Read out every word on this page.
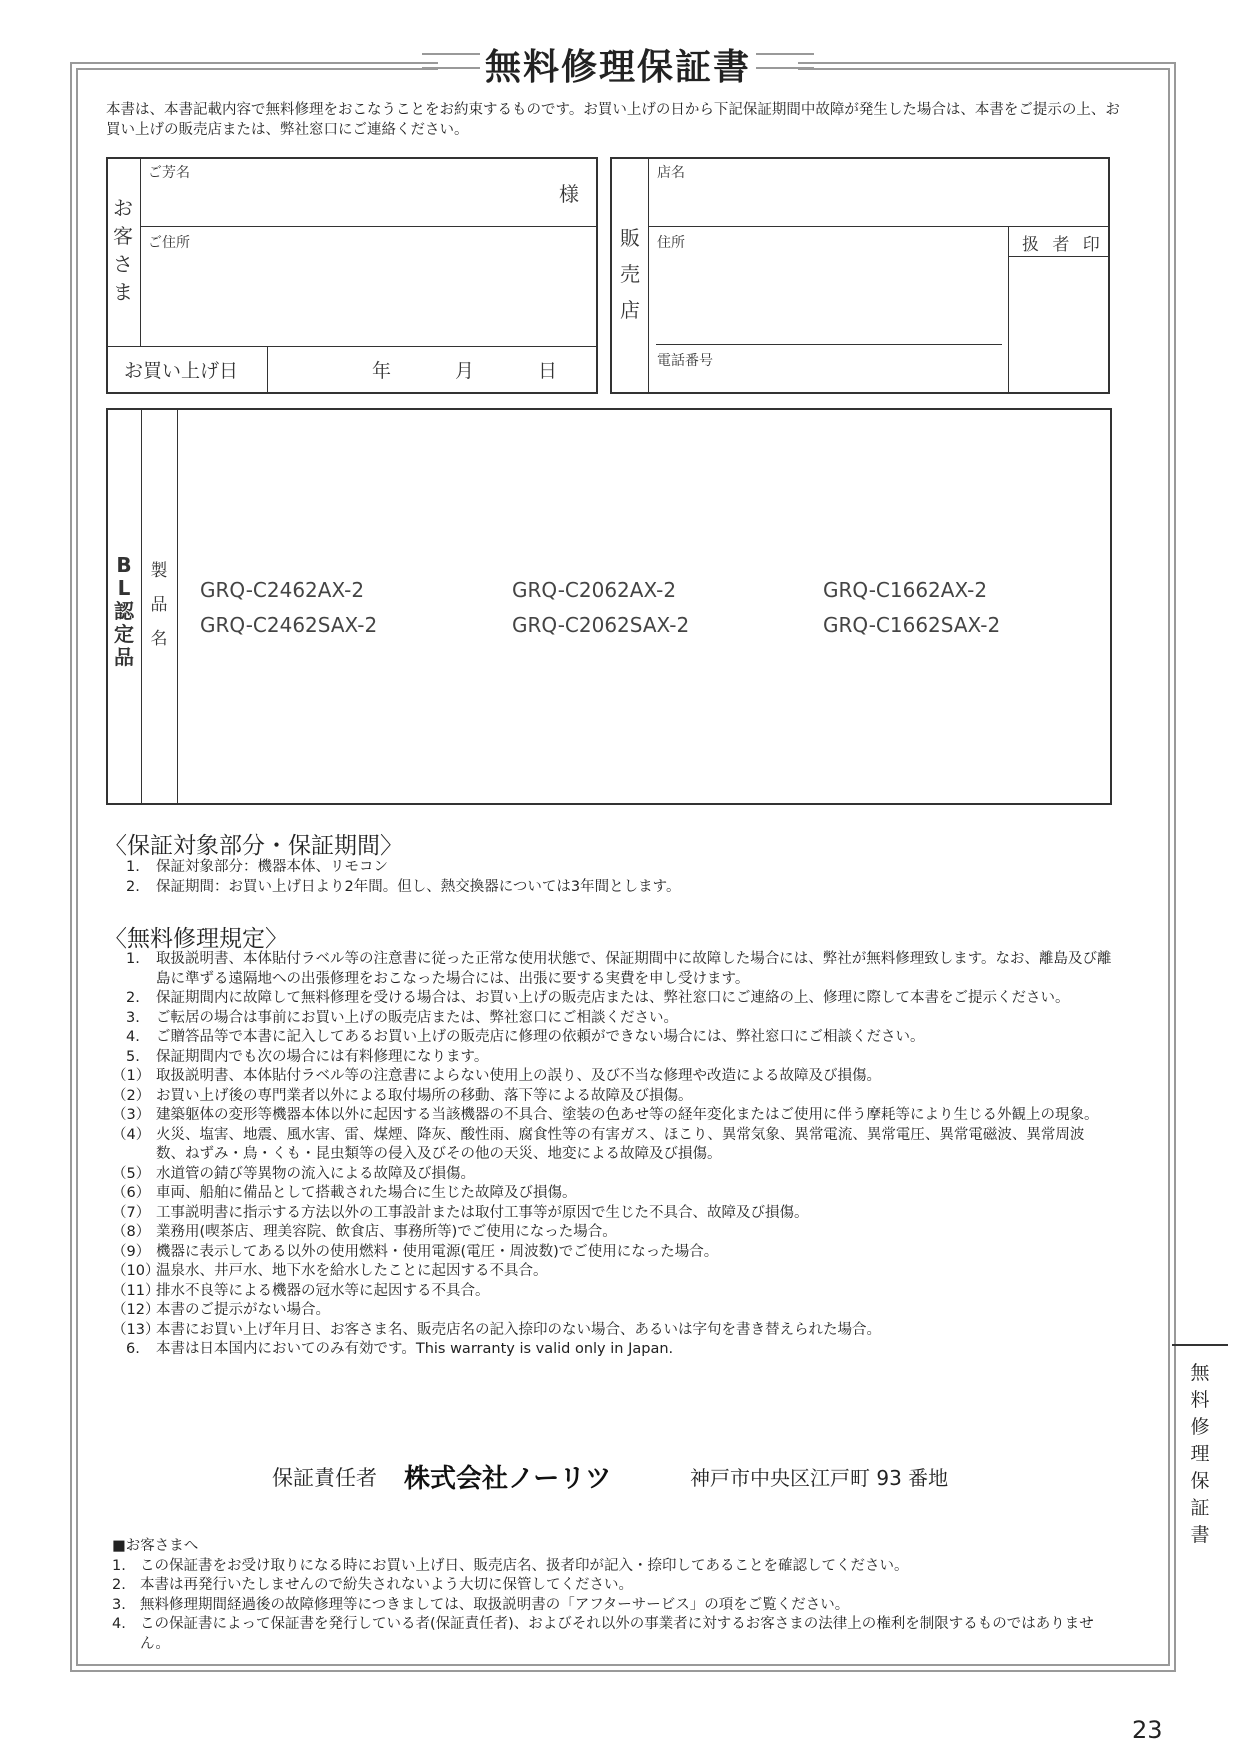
無料修理保証書
本書は、本書記載内容で無料修理をおこなうことをお約束するものです。お買い上げの日から下記保証期間中故障が発生した場合は、本書をご提示の上、お買い上げの販売店または、弊社窓口にご連絡ください。
お
客
さ
ま
ご芳名
様
ご住所
お買い上げ日	年	月	日
販
売
店
店名
住所
電話番号
扱 者 印
B
L
認
定
品
製
品
名
GRQ-C2462AX-2	GRQ-C2062AX-2	GRQ-C1662AX-2
GRQ-C2462SAX-2	GRQ-C2062SAX-2	GRQ-C1662SAX-2
〈保証対象部分・保証期間〉
1.	保証対象部分：機器本体、リモコン
2.	保証期間：お買い上げ日より2年間。但し、熱交換器については3年間とします。
〈無料修理規定〉
1.	取扱説明書、本体貼付ラベル等の注意書に従った正常な使用状態で、保証期間中に故障した場合には、弊社が無料修理致します。なお、離島及び離島に準ずる遠隔地への出張修理をおこなった場合には、出張に要する実費を申し受けます。
2.	保証期間内に故障して無料修理を受ける場合は、お買い上げの販売店または、弊社窓口にご連絡の上、修理に際して本書をご提示ください。
3.	ご転居の場合は事前にお買い上げの販売店または、弊社窓口にご相談ください。
4.	ご贈答品等で本書に記入してあるお買い上げの販売店に修理の依頼ができない場合には、弊社窓口にご相談ください。
5.	保証期間内でも次の場合には有料修理になります。
（1） 取扱説明書、本体貼付ラベル等の注意書によらない使用上の誤り、及び不当な修理や改造による故障及び損傷。
（2） お買い上げ後の専門業者以外による取付場所の移動、落下等による故障及び損傷。
（3） 建築躯体の変形等機器本体以外に起因する当該機器の不具合、塗装の色あせ等の経年変化またはご使用に伴う摩耗等により生じる外観上の現象。
（4） 火災、塩害、地震、風水害、雷、煤煙、降灰、酸性雨、腐食性等の有害ガス、ほこり、異常気象、異常電流、異常電圧、異常電磁波、異常周波数、ねずみ・鳥・くも・昆虫類等の侵入及びその他の天災、地変による故障及び損傷。
（5） 水道管の錆び等異物の流入による故障及び損傷。
（6） 車両、船舶に備品として搭載された場合に生じた故障及び損傷。
（7） 工事説明書に指示する方法以外の工事設計または取付工事等が原因で生じた不具合、故障及び損傷。
（8） 業務用(喫茶店、理美容院、飲食店、事務所等)でご使用になった場合。
（9） 機器に表示してある以外の使用燃料・使用電源(電圧・周波数)でご使用になった場合。
（10）
温泉水、井戸水、地下水を給水したことに起因する不具合。
（11）
排水不良等による機器の冠水等に起因する不具合。
（12）
本書のご提示がない場合。
（13）
本書にお買い上げ年月日、お客さま名、販売店名の記入捺印のない場合、あるいは字句を書き替えられた場合。
6.	本書は日本国内においてのみ有効です。This warranty is valid only in Japan.
保証責任者 株式会社ノーリツ	神戸市中央区江戸町 93 番地
■お客さまへ
1. この保証書をお受け取りになる時にお買い上げ日、販売店名、扱者印が記入・捺印してあることを確認してください。
2. 本書は再発行いたしませんので紛失されないよう大切に保管してください。
3. 無料修理期間経過後の故障修理等につきましては、取扱説明書の「アフターサービス」の項をご覧ください。
4. この保証書によって保証書を発行している者(保証責任者)、およびそれ以外の事業者に対するお客さまの法律上の権利を制限するものではありません。
無
料
修
理
保
証
書
23
